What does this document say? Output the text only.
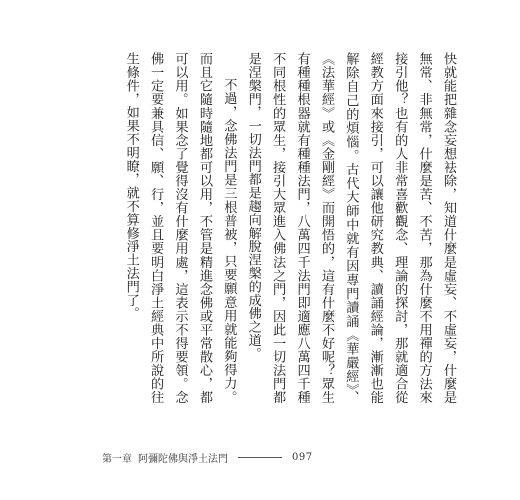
快就能把雜念妄想袪除，知道什麼是虛妄、不虛妄，什麼是無常、非無常，什麼是苦、不苦，那為什麼不用禪的方法來接引他？也有的人非常喜歡觀念、理論的探討，那就適合從經教方面來接引，可以讓他研究教典、讀誦經論，漸漸也能解除自己的煩惱。古代大師中就有因專門讀誦《華嚴經》、《法華經》或《金剛經》而開悟的，這有什麼不好呢？眾生有種種根器就有種種法門，八萬四千法門即適應八萬四千種不同根性的眾生，接引大眾進入佛法之門，因此一切法門都是涅槃門，一切法門都是趨向解脫涅槃的成佛之道。

不過，念佛法門是三根普被，只要願意用就能夠得力。而且它隨時隨地都可以用，不管是精進念佛或平常散心，都可以用。如果念了覺得沒有什麼用處，這表示不得要領。念佛一定要兼具信、願、行，並且要明白淨土經典中所說的往生條件，如果不明瞭，就不算修淨土法門了。

第一章 阿彌陀佛與淨土法門	097
